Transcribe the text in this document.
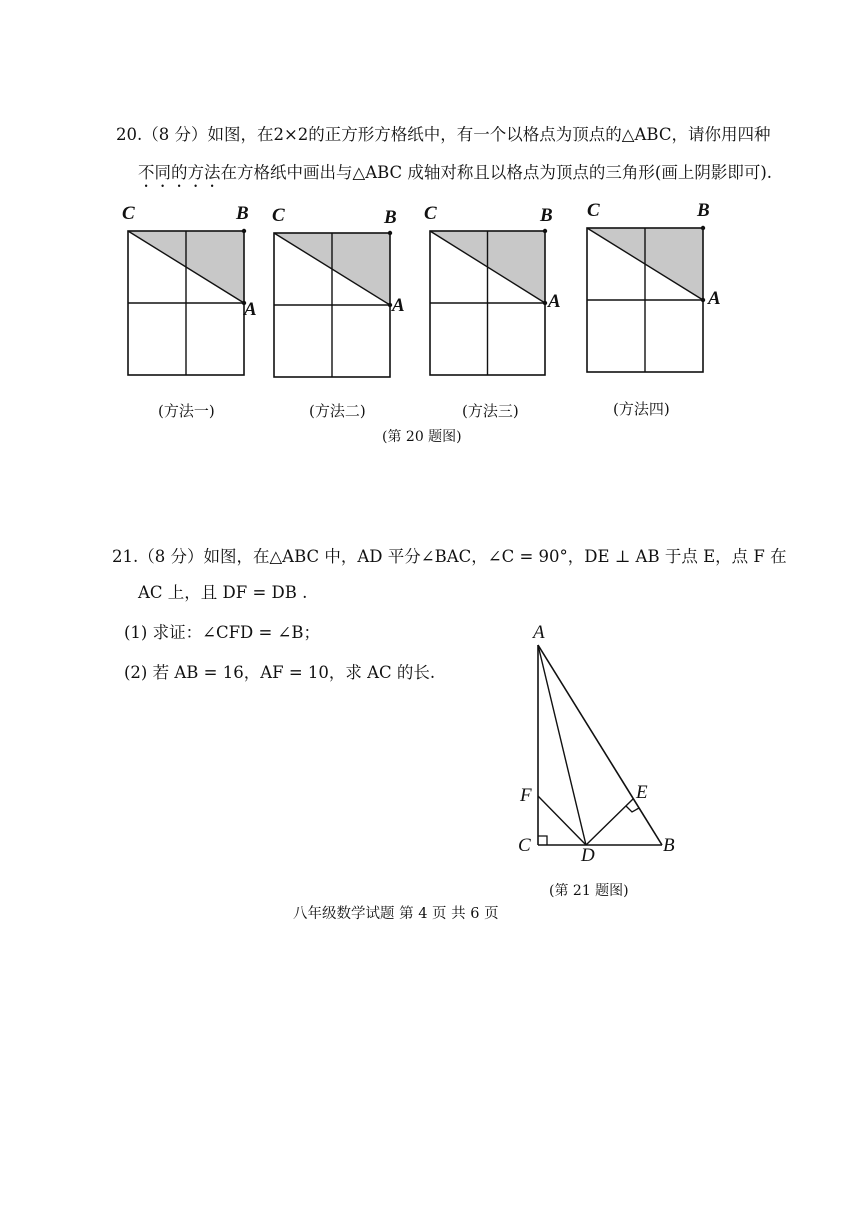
20.（8 分）如图，在2×2的正方形方格纸中，有一个以格点为顶点的△ABC，请你用四种
不同的方法在方格纸中画出与△ABC 成轴对称且以格点为顶点的三角形(画上阴影即可).
C	B
A
C	B
A
C	B
A
C	B
A
(方法一)	(方法二)	(方法三)	(方法四)
(第 20 题图)
21.（8 分）如图，在△ABC 中，AD 平分∠BAC，∠C = 90°，DE ⊥ AB 于点 E，点 F 在
AC 上，且 DF = DB .
(1) 求证：∠CFD = ∠B；
(2) 若 AB = 16，AF = 10，求 AC 的长.
A
F
C	D
E
B
(第 21 题图)
八年级数学试题 第 4 页 共 6 页
